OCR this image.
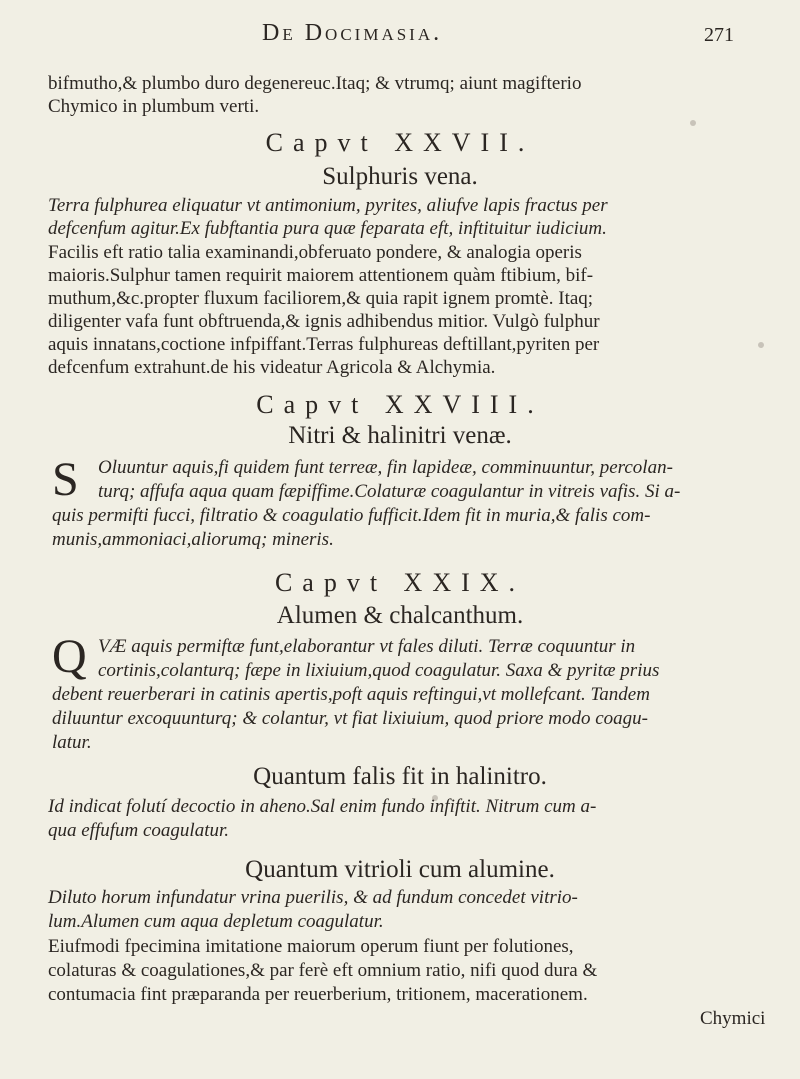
De Docimasia.	271
bifmutho,& plumbo duro degenereuc.Itaq; & vtrumq; aiunt magifterio
Chymico in plumbum verti.
Capvt XXVII.
Sulphuris vena.
Terra fulphurea eliquatur vt antimonium, pyrites, aliufve lapis fractus per
defcenfum agitur.Ex fubftantia pura quæ feparata eft, inftituitur iudicium.
Facilis eft ratio talia examinandi,obferuato pondere, & analogia operis
maioris.Sulphur tamen requirit maiorem attentionem quàm ftibium, bif-
muthum,&c.propter fluxum faciliorem,& quia rapit ignem promtè. Itaq;
diligenter vafa funt obftruenda,& ignis adhibendus mitior. Vulgò fulphur
aquis innatans,coctione infpiffant.Terras fulphureas deftillant,pyriten per
defcenfum extrahunt.de his videatur Agricola & Alchymia.
Capvt XXVIII.
Nitri & halinitri venæ.
S Oluuntur aquis,fi quidem funt terreæ, fin lapideæ, comminuuntur, percolan-
turq; affufa aqua quam fæpiffime.Colaturæ coagulantur in vitreis vafis. Si a-
quis permifti fucci, filtratio & coagulatio fufficit.Idem fit in muria,& falis com-
munis,ammoniaci,aliorumq; mineris.
Capvt XXIX.
Alumen & chalcanthum.
Q VÆ aquis permiftæ funt,elaborantur vt fales diluti. Terræ coquuntur in
cortinis,colanturq; fæpe in lixiuium,quod coagulatur. Saxa & pyritæ prius
debent reuerberari in catinis apertis,poft aquis reftingui,vt mollefcant. Tandem
diluuntur excoquunturq; & colantur, vt fiat lixiuium, quod priore modo coagu-
latur.
Quantum falis fit in halinitro.
Id indicat folutí decoctio in aheno.Sal enim fundo infiftit. Nitrum cum a-
qua effufum coagulatur.
Quantum vitrioli cum alumine.
Diluto horum infundatur vrina puerilis, & ad fundum concedet vitrio-
lum.Alumen cum aqua depletum coagulatur.
Eiufmodi fpecimina imitatione maiorum operum fiunt per folutiones,
colaturas & coagulationes,& par ferè eft omnium ratio, nifi quod dura &
contumacia fint præparanda per reuerberium, tritionem, macerationem.
Chymici
